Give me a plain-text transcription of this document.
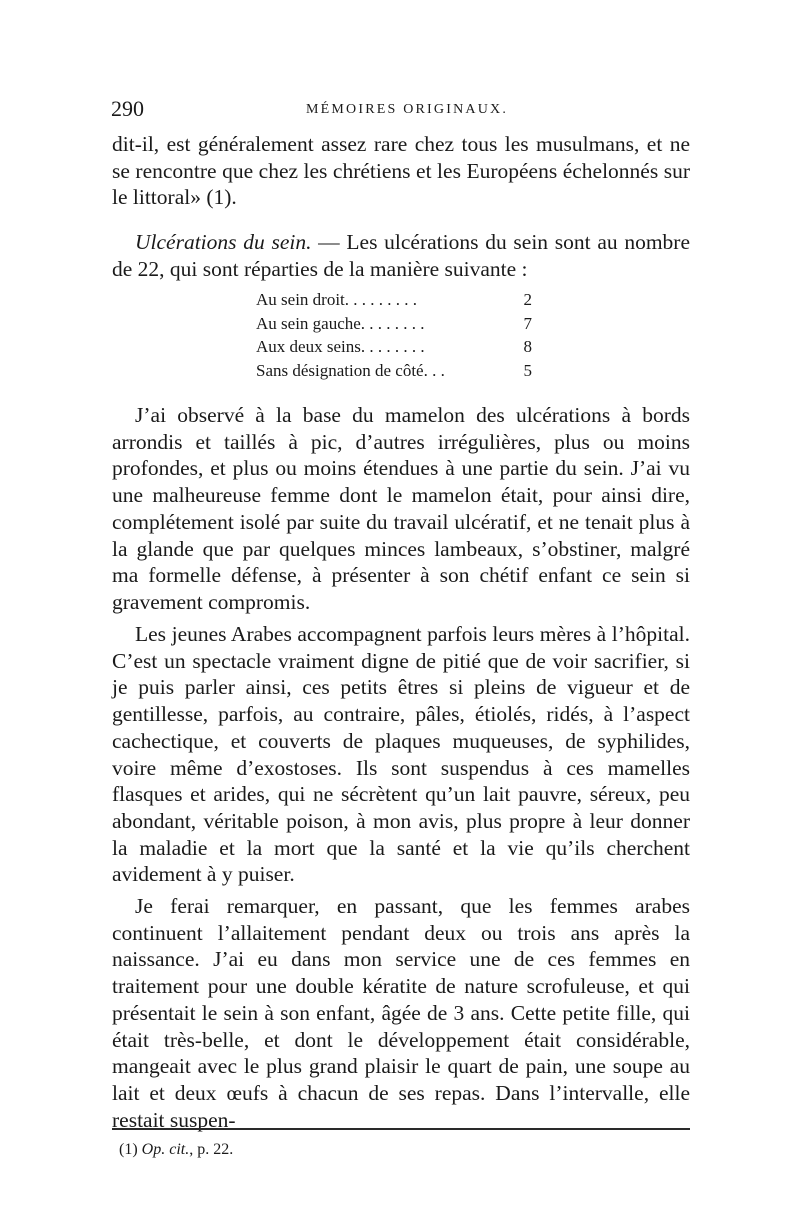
290	MÉMOIRES ORIGINAUX.

dit-il, est généralement assez rare chez tous les musulmans, et ne se rencontre que chez les chrétiens et les Européens échelonnés sur le littoral» (1).

Ulcérations du sein. — Les ulcérations du sein sont au nombre de 22, qui sont réparties de la manière suivante :

Au sein droit. . . . . . . . .	2
Au sein gauche. . . . . . . .	7
Aux deux seins. . . . . . . .	8
Sans désignation de côté. . .	5

J’ai observé à la base du mamelon des ulcérations à bords arrondis et taillés à pic, d’autres irrégulières, plus ou moins profondes, et plus ou moins étendues à une partie du sein. J’ai vu une malheureuse femme dont le mamelon était, pour ainsi dire, complétement isolé par suite du travail ulcératif, et ne tenait plus à la glande que par quelques minces lambeaux, s’obstiner, malgré ma formelle défense, à présenter à son chétif enfant ce sein si gravement compromis.

Les jeunes Arabes accompagnent parfois leurs mères à l’hôpital. C’est un spectacle vraiment digne de pitié que de voir sacrifier, si je puis parler ainsi, ces petits êtres si pleins de vigueur et de gentillesse, parfois, au contraire, pâles, étiolés, ridés, à l’aspect cachectique, et couverts de plaques muqueuses, de syphilides, voire même d’exostoses. Ils sont suspendus à ces mamelles flasques et arides, qui ne sécrètent qu’un lait pauvre, séreux, peu abondant, véritable poison, à mon avis, plus propre à leur donner la maladie et la mort que la santé et la vie qu’ils cherchent avidement à y puiser.

Je ferai remarquer, en passant, que les femmes arabes continuent l’allaitement pendant deux ou trois ans après la naissance. J’ai eu dans mon service une de ces femmes en traitement pour une double kératite de nature scrofuleuse, et qui présentait le sein à son enfant, âgée de 3 ans. Cette petite fille, qui était très-belle, et dont le développement était considérable, mangeait avec le plus grand plaisir le quart de pain, une soupe au lait et deux œufs à chacun de ses repas. Dans l’intervalle, elle restait suspen-

(1) Op. cit., p. 22.
